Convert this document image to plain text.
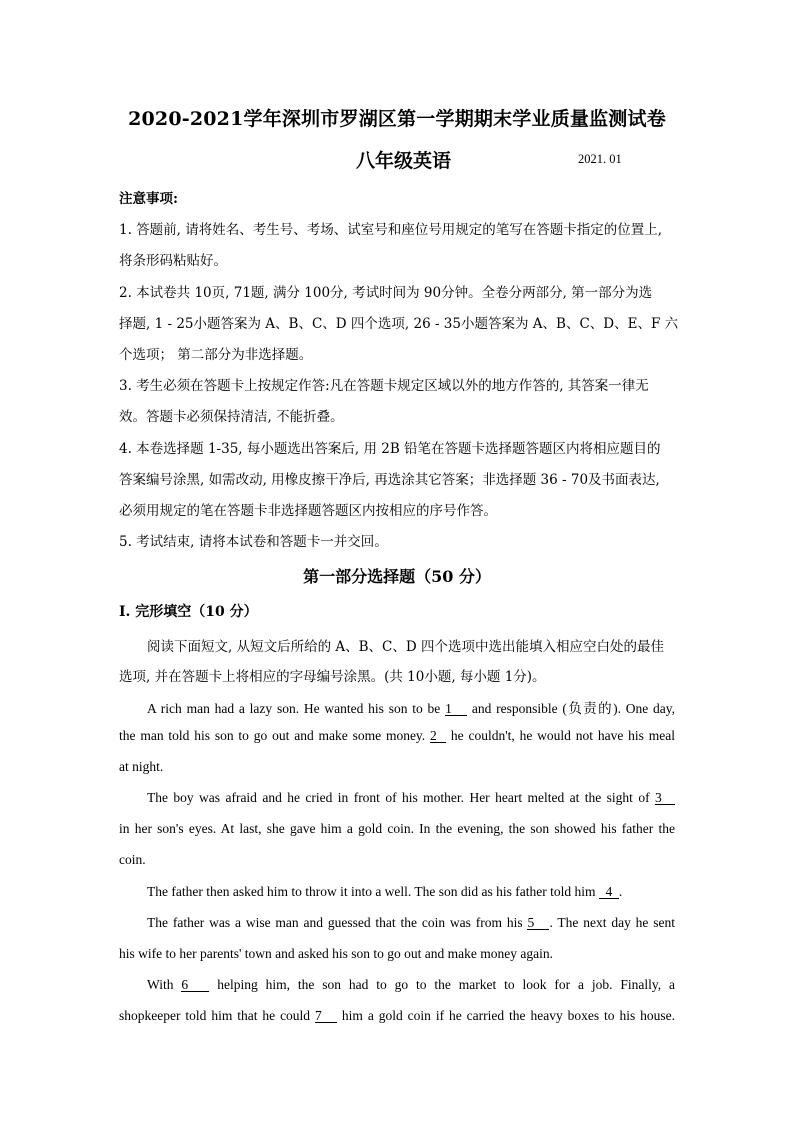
2020-2021学年深圳市罗湖区第一学期期末学业质量监测试卷
八年级英语	2021. 01
注意事项:
1. 答题前, 请将姓名、考生号、考场、试室号和座位号用规定的笔写在答题卡指定的位置上,
将条形码粘贴好。
2. 本试卷共 10页, 71题, 满分 100分, 考试时间为 90分钟。全卷分两部分, 第一部分为选
择题, 1 - 25小题答案为 A、B、C、D 四个选项, 26 - 35小题答案为 A、B、C、D、E、F 六
个选项； 第二部分为非选择题。
3. 考生必须在答题卡上按规定作答:凡在答题卡规定区域以外的地方作答的, 其答案一律无
效。答题卡必须保持清洁, 不能折叠。
4. 本卷选择题 1-35, 每小题选出答案后, 用 2B 铅笔在答题卡选择题答题区内将相应题目的
答案编号涂黑, 如需改动, 用橡皮擦干净后, 再选涂其它答案；非选择题 36 - 70及书面表达,
必须用规定的笔在答题卡非选择题答题区内按相应的序号作答。
5. 考试结束, 请将本试卷和答题卡一并交回。
第一部分选择题（50 分）
I. 完形填空（10 分）
阅读下面短文, 从短文后所给的 A、B、C、D 四个选项中选出能填入相应空白处的最佳
选项, 并在答题卡上将相应的字母编号涂黑。(共 10小题, 每小题 1分)。
A rich man had a lazy son. He wanted his son to be 1 and responsible (负责的). One day,
the man told his son to go out and make some money. 2 he couldn't, he would not have his meal
at night.
The boy was afraid and he cried in front of his mother. Her heart melted at the sight of 3
in her son's eyes. At last, she gave him a gold coin. In the evening, the son showed his father the
coin.
The father then asked him to throw it into a well. The son did as his father told him 4 .
The father was a wise man and guessed that the coin was from his 5 . The next day he sent
his wife to her parents' town and asked his son to go out and make money again.
With 6 helping him, the son had to go to the market to look for a job. Finally, a
shopkeeper told him that he could 7 him a gold coin if he carried the heavy boxes to his house.
